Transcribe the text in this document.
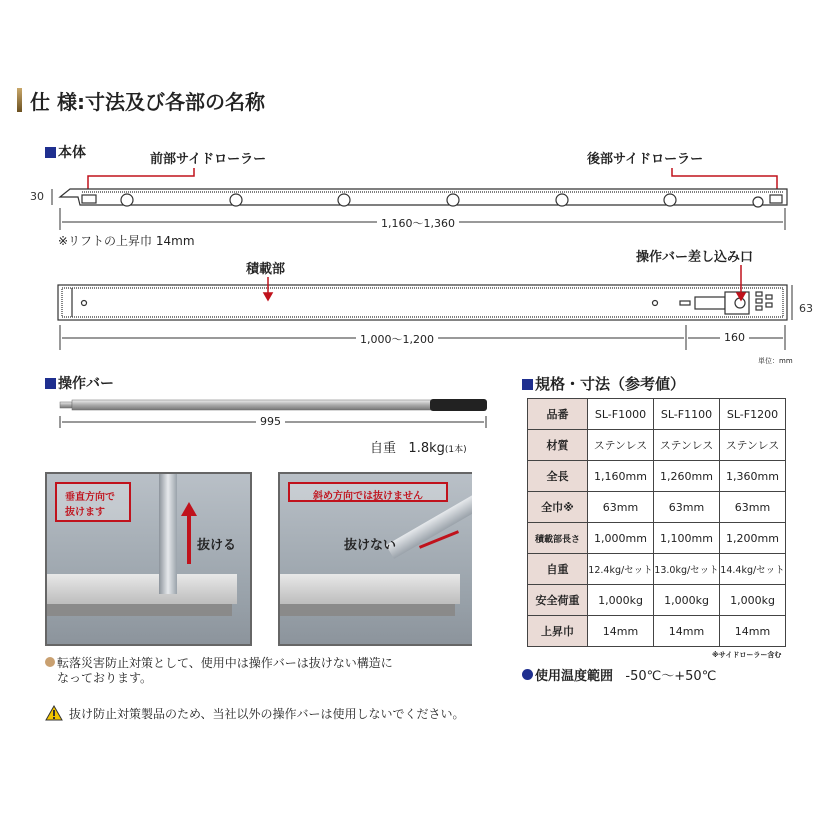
仕 様:寸法及び各部の名称
本体	前部サイドローラー	後部サイドローラー
30
1,160〜1,360
※リフトの上昇巾 14mm
積載部
操作バー差し込み口
63
1,000〜1,200	160
単位：mm
操作バー
995
自重 1.8kg(1本)
垂直方向で
抜けます
抜ける
斜め方向では抜けません
抜けない
転落災害防止対策として、使用中は操作バーは抜けない構造に
なっております。
抜け防止対策製品のため、当社以外の操作バーは使用しないでください。
規格・寸法（参考値）
品番	SL-F1000	SL-F1100	SL-F1200
材質	ステンレス	ステンレス	ステンレス
全長	1,160mm	1,260mm	1,360mm
全巾※	63mm	63mm	63mm
積載部長さ	1,000mm	1,100mm	1,200mm
自重	12.4kg/セット	13.0kg/セット	14.4kg/セット
安全荷重	1,000kg	1,000kg	1,000kg
上昇巾	14mm	14mm	14mm
※サイドローラー含む
使用温度範囲 -50℃〜+50℃
